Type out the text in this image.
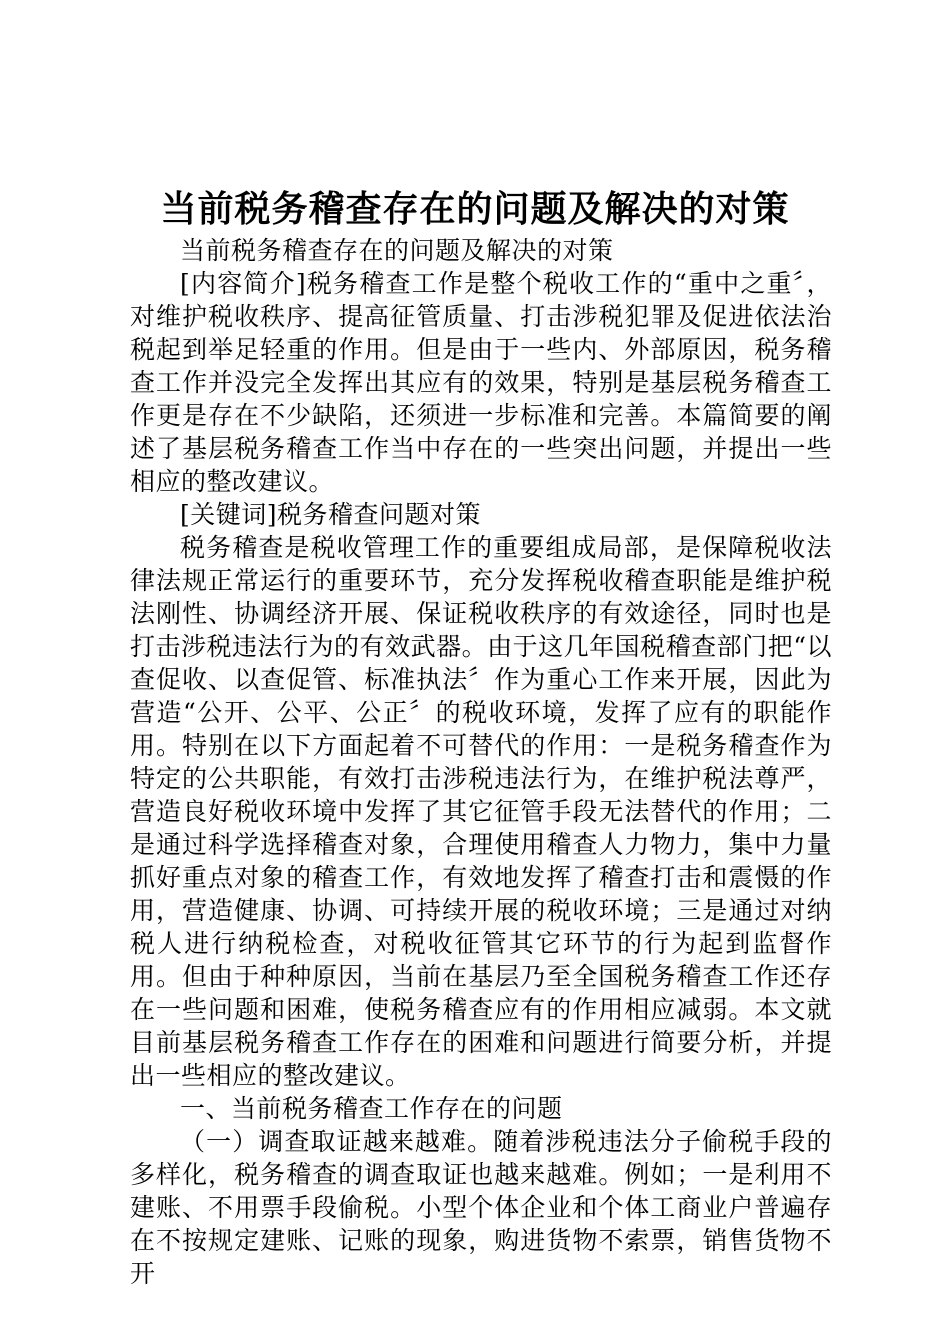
当前税务稽查存在的问题及解决的对策

当前税务稽查存在的问题及解决的对策

[内容简介]税务稽查工作是整个税收工作的“重中之重〞，对维护税收秩序、提高征管质量、打击涉税犯罪及促进依法治税起到举足轻重的作用。但是由于一些内、外部原因，税务稽查工作并没完全发挥出其应有的效果，特别是基层税务稽查工作更是存在不少缺陷，还须进一步标准和完善。本篇简要的阐述了基层税务稽查工作当中存在的一些突出问题，并提出一些相应的整改建议。

[关键词]税务稽查问题对策

税务稽查是税收管理工作的重要组成局部，是保障税收法律法规正常运行的重要环节，充分发挥税收稽查职能是维护税法刚性、协调经济开展、保证税收秩序的有效途径，同时也是打击涉税违法行为的有效武器。由于这几年国税稽查部门把“以查促收、以查促管、标准执法〞作为重心工作来开展，因此为营造“公开、公平、公正〞的税收环境，发挥了应有的职能作用。特别在以下方面起着不可替代的作用：一是税务稽查作为特定的公共职能，有效打击涉税违法行为，在维护税法尊严，营造良好税收环境中发挥了其它征管手段无法替代的作用；二是通过科学选择稽查对象，合理使用稽查人力物力，集中力量抓好重点对象的稽查工作，有效地发挥了稽查打击和震慑的作用，营造健康、协调、可持续开展的税收环境；三是通过对纳税人进行纳税检查，对税收征管其它环节的行为起到监督作用。但由于种种原因，当前在基层乃至全国税务稽查工作还存在一些问题和困难，使税务稽查应有的作用相应减弱。本文就目前基层税务稽查工作存在的困难和问题进行简要分析，并提出一些相应的整改建议。

一、当前税务稽查工作存在的问题

（一）调查取证越来越难。随着涉税违法分子偷税手段的多样化，税务稽查的调查取证也越来越难。例如；一是利用不建账、不用票手段偷税。小型个体企业和个体工商业户普遍存在不按规定建账、记账的现象，购进货物不索票，销售货物不开
